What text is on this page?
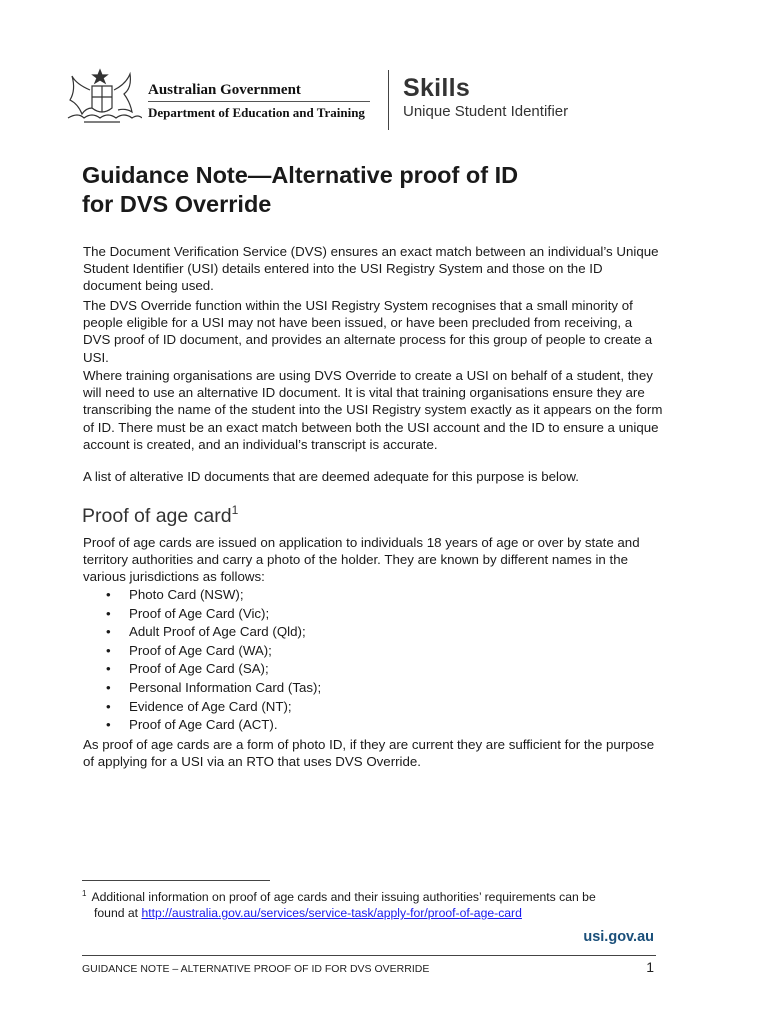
Australian Government
Department of Education and Training
Skills
Unique Student Identifier
Guidance Note—Alternative proof of ID
for DVS Override

The Document Verification Service (DVS) ensures an exact match between an individual’s Unique Student Identifier (USI) details entered into the USI Registry System and those on the ID document being used.

The DVS Override function within the USI Registry System recognises that a small minority of people eligible for a USI may not have been issued, or have been precluded from receiving, a DVS proof of ID document, and provides an alternate process for this group of people to create a USI.

Where training organisations are using DVS Override to create a USI on behalf of a student, they will need to use an alternative ID document. It is vital that training organisations ensure they are transcribing the name of the student into the USI Registry system exactly as it appears on the form of ID. There must be an exact match between both the USI account and the ID to ensure a unique account is created, and an individual’s transcript is accurate.

A list of alterative ID documents that are deemed adequate for this purpose is below.

Proof of age card$^1$

Proof of age cards are issued on application to individuals 18 years of age or over by state and territory authorities and carry a photo of the holder. They are known by different names in the various jurisdictions as follows:

• Photo Card (NSW);
• Proof of Age Card (Vic);
• Adult Proof of Age Card (Qld);
• Proof of Age Card (WA);
• Proof of Age Card (SA);
• Personal Information Card (Tas);
• Evidence of Age Card (NT);
• Proof of Age Card (ACT).

As proof of age cards are a form of photo ID, if they are current they are sufficient for the purpose of applying for a USI via an RTO that uses DVS Override.

$^1$ Additional information on proof of age cards and their issuing authorities’ requirements can be
found at http://australia.gov.au/services/service-task/apply-for/proof-of-age-card
usi.gov.au
GUIDANCE NOTE – ALTERNATIVE PROOF OF ID FOR DVS OVERRIDE	1
